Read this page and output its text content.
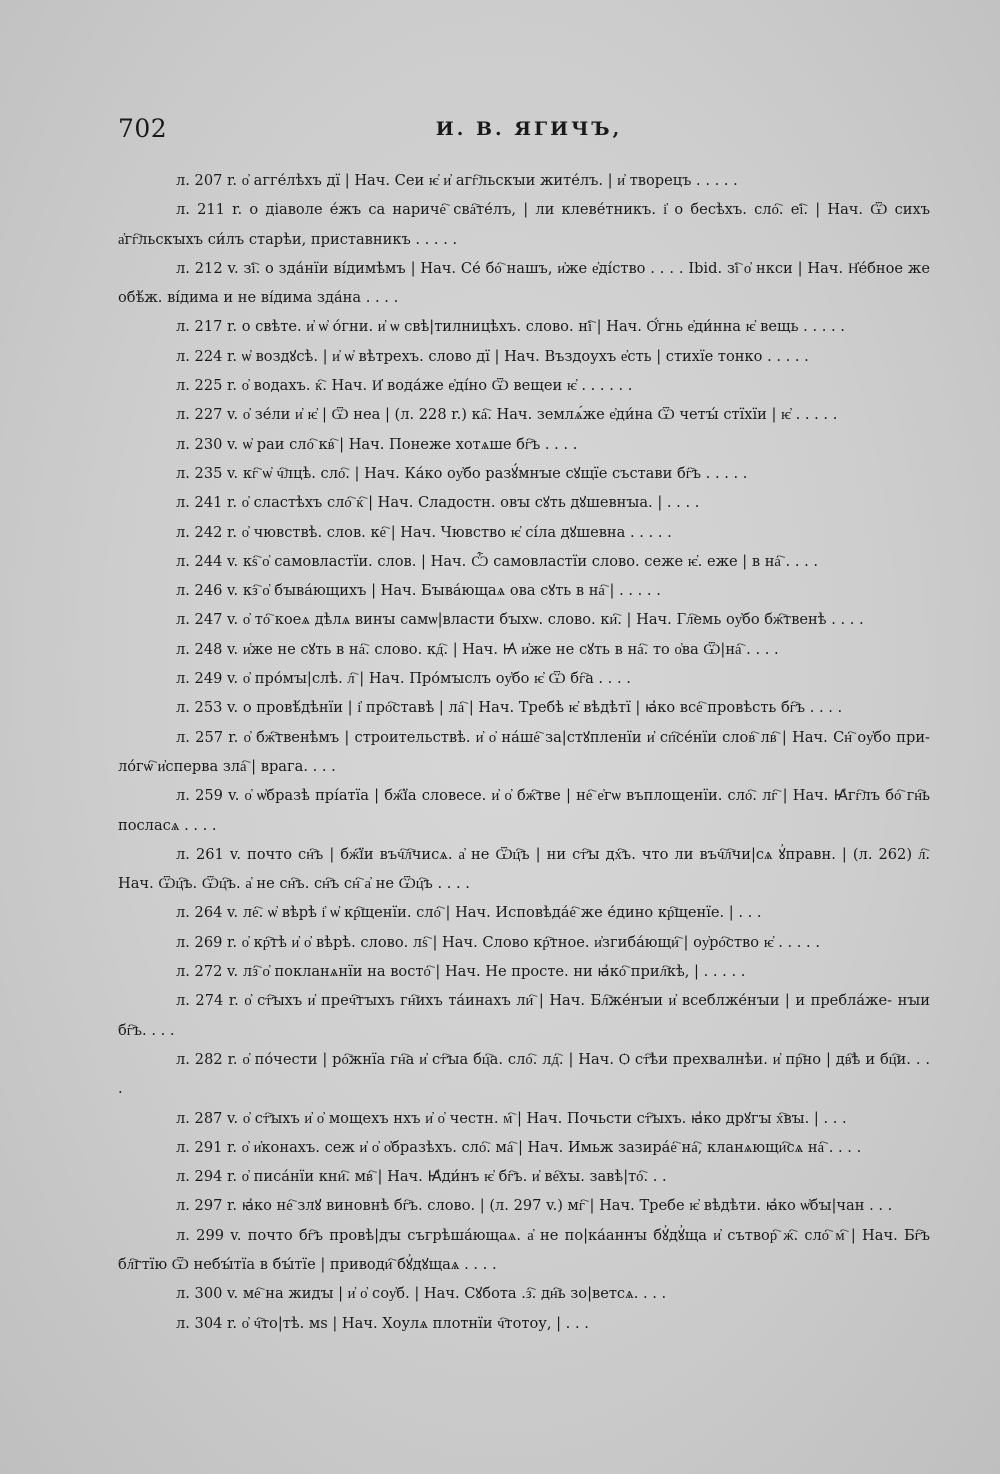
702	И. В. ЯГИЧЪ,

л. 207 r. о҆ агге́лѣхъ дї | Нач. Сеи ѥ҆ и҆ агг҇льскꙑи жите́лъ. | и҆ творецъ . . . . .

л. 211 r. о діаволе е́жъ са нариче҇ сва҇те́лъ, | ли клеве́тникъ. і҆ о бесѣхъ. сло҇. еі҇. | Нач. Ѿ сихъ а҆гг҇льскꙑхъ си́лъ старѣи, приставникъ . . . . .

л. 212 v. зі҇. о зда́нїи ві́димѣмъ | Нач. Се́ бо҇ нашъ, и҆же е҆ді́ство . . . . Ibid. зі҇ о҆ нкси | Нач. Н҆е́бное же обѣ́ж. ві́дима и не ві́дима зда́на . . . .

л. 217 r. о свѣте. и҆ ѡ҆ о́гни. и҆ ѡ свѣ|тилницѣхъ. слово. ні҇ | Нач. Ѻ҆́гнь е҆ди́нна ѥ҆ вещь . . . . .

л. 224 r. ѡ҆ воздꙋсѣ. | и҆ ѡ҆ вѣтрехъ. слово дї | Нач. Въздоухъ е҆сть | стихїе тонко . . . . .

л. 225 r. о҆ водахъ. к҇. Нач. И҆ вода́же е҆ді́но Ѿ вещеи ѥ҆ . . . . . .

л. 227 v. о҆ зе́ли и҆ ѥ҆ | Ѿ неа | (л. 228 r.) ка҇. Нач. землѧ́же е҆ди́на Ѿ четꙑ́ стїхїи | ѥ҆ . . . . .

л. 230 v. ѡ҆ раи сло҇ кв҇ | Нач. Понеже хотѧше бг҇ъ . . . .

л. 235 v. кг҇ ѡ҆ ч҇лцѣ. сло҇. | Нач. Ка́ко оу҆бо разꙋ́мнꙑе сꙋщїе състави бг҇ъ . . . . .

л. 241 r. о҆ сластѣхъ сло҇ к҇ | Нач. Сладостн. овꙑ сꙋть дꙋшевнꙑа. | . . . .

л. 242 r. о҆ чювствѣ. слов. ке҇ | Нач. Чювство ѥ҆ сі́ла дꙋшевна . . . . .

л. 244 v. кѕ҇ о҆ самовластїи. слов. | Нач. Ѽ самовластїи слово. сеже ѥ҆. еже | в на҇ . . . .

л. 246 v. кз҇ о҆ бꙑва́ющихъ | Нач. Бꙑва́ющаѧ ова сꙋть в на҇ | . . . . .

л. 247 v. о҆ то҇ коеѧ дѣлѧ винꙑ самѡ|власти бꙑхѡ. слово. ки҇. | Нач. Гл҇емь оу҆бо бж҇твенѣ . . . .

л. 248 v. и҆же не сꙋть в на҇. слово. кд҇. | Нач. Ꙗ҆ и҆же не сꙋть в на҇. то о҆ва Ѿ|на҇ . . . .

л. 249 v. о҆ про́мꙑ|слѣ. л҇ | Нач. Про́мꙑслъ оу҆бо ѥ҆ Ѿ бг҇а . . . .

л. 253 v. о провѣ́дѣнїи | і҆ про҇ставѣ | ла҇ | Нач. Требѣ ѥ҆ вѣдѣтї | ꙗ҆ко все҇ провѣсть бг҇ъ . . . .

л. 257 r. о҆ бж҇твенѣмъ | строительствѣ. и҆ о҆ на́ше҇ за|стꙋпленїи и҆ сп҇се́нїи слов҇ лв҇ | Нач. Сн҇ оу҆бо при- ло́гѡ҇ и҆сперва зла҇ | врага. . . .

л. 259 v. о҆ ѡ҆бразѣ прі́атїа | бж҇їа словесе. и҆ о҆ бж҇тве | не҇ е҆гѡ въплощенїи. сло҇. лг҇ | Нач. Ꙗ҆гг҇лъ бо҇ гн҇ь посласѧ . . . .

л. 261 v. почто сн҇ъ | бж҇їи въч҇л҇чисѧ. а҆ не Ѿц҇ъ | ни ст҇ꙑ дх҇ъ. что ли въч҇л҇чи|сѧ ꙋ҆правн. | (л. 262) л҇. Нач. Ѿц҇ъ. Ѿц҇ъ. а҆ не сн҇ъ. сн҇ъ сн҇ а҆ не Ѿц҇ъ . . . .

л. 264 v. ле҇. ѡ҆ вѣрѣ і҆ ѡ҆ кр҇щенїи. сло҇ | Нач. Исповѣда́е҇ же е́дино кр҇щенїе. | . . .

л. 269 r. о҆ кр҇тѣ и҆ о҆ вѣрѣ. слово. лѕ҇ | Нач. Слово кр҇тное. и҆згиба́ющи҇ | оу҆ро҇ство ѥ҆ . . . . .

л. 272 v. лз҇ о҆ покланѧнїи на восто҇ | Нач. Не просте. ни ꙗ҆ко҇ прил҇кѣ, | . . . . .

л. 274 r. о҆ ст҇ꙑхъ и҆ преч҇тꙑхъ гн҇ихъ та́инахъ ли҇ | Нач. Бл҇же́нꙑи и҆ всеблже́нꙑи | и пребла́же- нꙑи бг҇ъ. . . .

л. 282 r. о҆ по́чести | ро҇жнїа гн҇а и҆ ст҇ꙑа бц҇а. сло҇. лд҇. | Нач. Ѻ ст҇ѣи прехвалнѣи. и҆ пр҇но | дв҇ѣ и бц҇и. . . .

л. 287 v. о҆ ст҇ꙑхъ и҆ о҆ мощехъ нхъ и҆ о҆ честн. м҇ | Нач. Почьсти ст҇ꙑхъ. ꙗ҆ко дрꙋгꙑ х҇вꙑ. | . . .

л. 291 r. о҆ и҆конахъ. сеж и҆ о҆ о҆бразѣхъ. сло҇. ма҇ | Нач. Имьж зазира́е҇ на҇, кланѧющи҇сѧ на҇ . . . .

л. 294 r. о҆ писа́нїи кни҇. мв҇ | Нач. Ꙗ҆ди́нъ ѥ҆ бг҇ъ. и҆ ве҇хꙑ. завѣ|то҇. . .

л. 297 r. ꙗ҆ко не҇ злꙋ виновнѣ бг҇ъ. слово. | (л. 297 v.) мг҇ | Нач. Требе ѥ҆ вѣдѣти. ꙗ҆ко ѡ҆бꙑ|чан . . .

л. 299 v. почто бг҇ъ провѣ|дꙑ съгрѣша́ющаѧ. а҆ не по|ка́аннꙑ бꙋ҆дꙋ҆ща и҆ сътвор҇ ж҇. сло҇ м҇ | Нач. Бг҇ъ бл҇гтїю Ѿ небꙑ́тїа в бꙑ́тїе | приводи҇ бꙋ҆дꙋщаѧ . . . .

л. 300 v. ме҇ на жидꙑ | и҆ о҆ соу҆б. | Нач. Сꙋбота .з҇. дн҇ь зо|ветсѧ. . . .

л. 304 r. о҆ ч҇то|тѣ. мѕ | Нач. Хоулѧ плотнїи ч҇тотоу, | . . .
